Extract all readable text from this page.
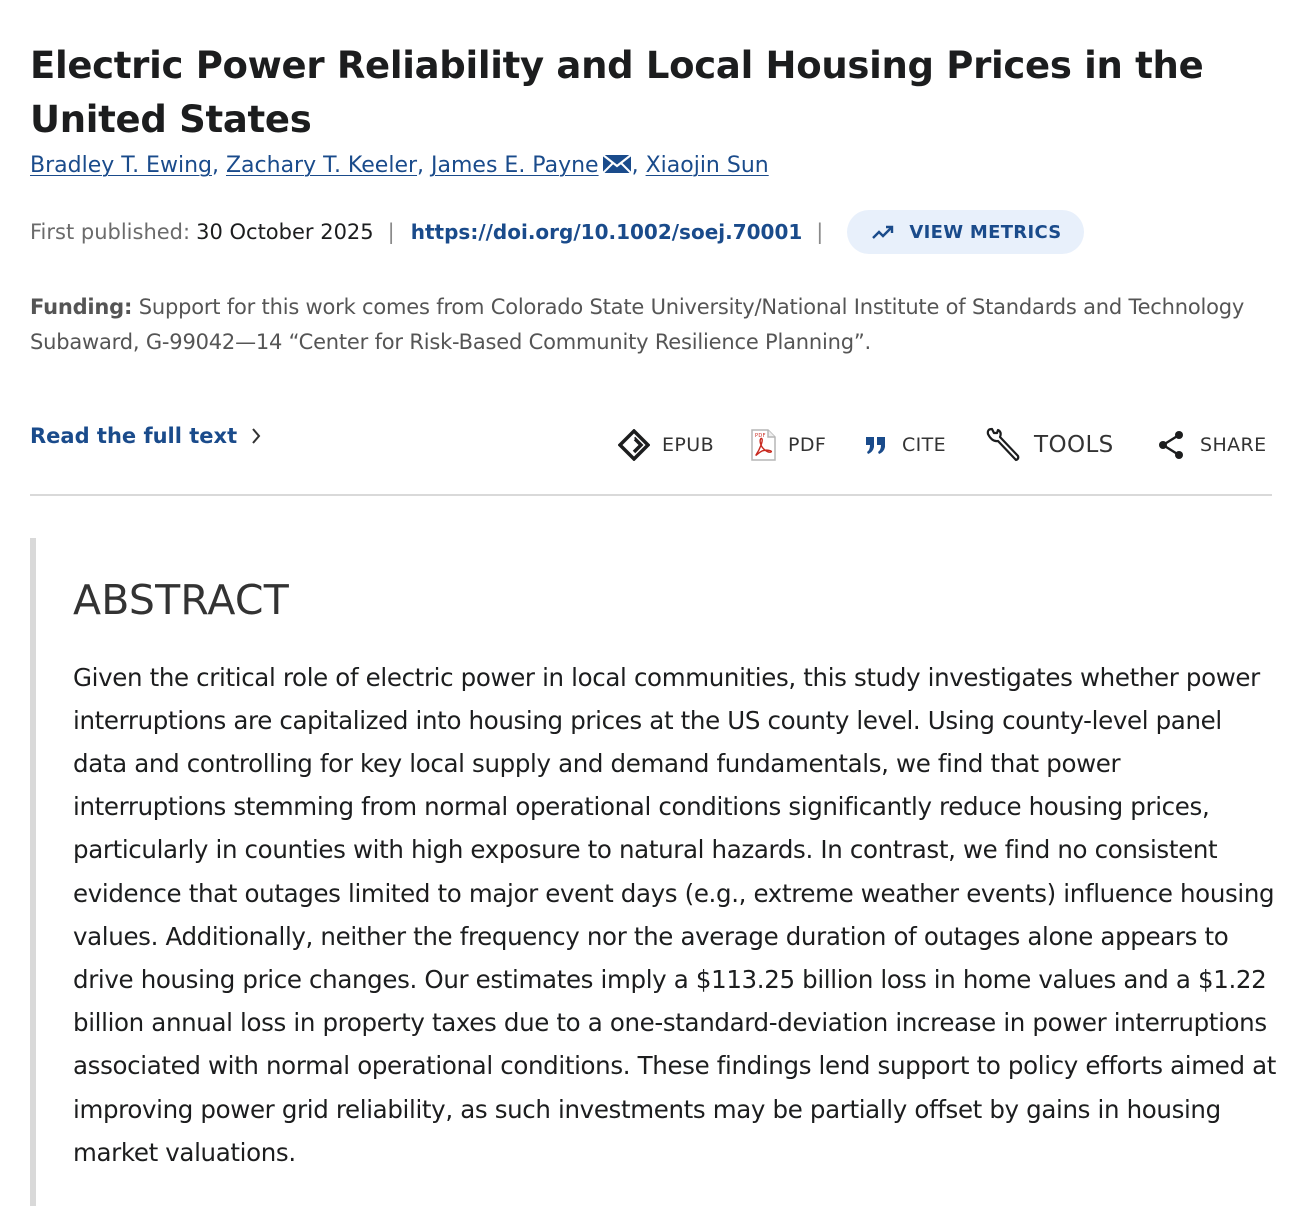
Electric Power Reliability and Local Housing Prices in the United States
Bradley T. Ewing, Zachary T. Keeler, James E. Payne , Xiaojin Sun
First published: 30 October 2025 | https://doi.org/10.1002/soej.70001 |	VIEW METRICS
Funding: Support for this work comes from Colorado State University/National Institute of Standards and Technology Subaward, G-99042—14 “Center for Risk-Based Community Resilience Planning”.
Read the full text	EPUB	PDF PDF	CITE	TOOLS	SHARE
ABSTRACT

Given the critical role of electric power in local communities, this study investigates whether power interruptions are capitalized into housing prices at the US county level. Using county-level panel data and controlling for key local supply and demand fundamentals, we find that power interruptions stemming from normal operational conditions significantly reduce housing prices, particularly in counties with high exposure to natural hazards. In contrast, we find no consistent evidence that outages limited to major event days (e.g., extreme weather events) influence housing values. Additionally, neither the frequency nor the average duration of outages alone appears to drive housing price changes. Our estimates imply a $113.25 billion loss in home values and a $1.22 billion annual loss in property taxes due to a one-standard-deviation increase in power interruptions associated with normal operational conditions. These findings lend support to policy efforts aimed at improving power grid reliability, as such investments may be partially offset by gains in housing market valuations.
